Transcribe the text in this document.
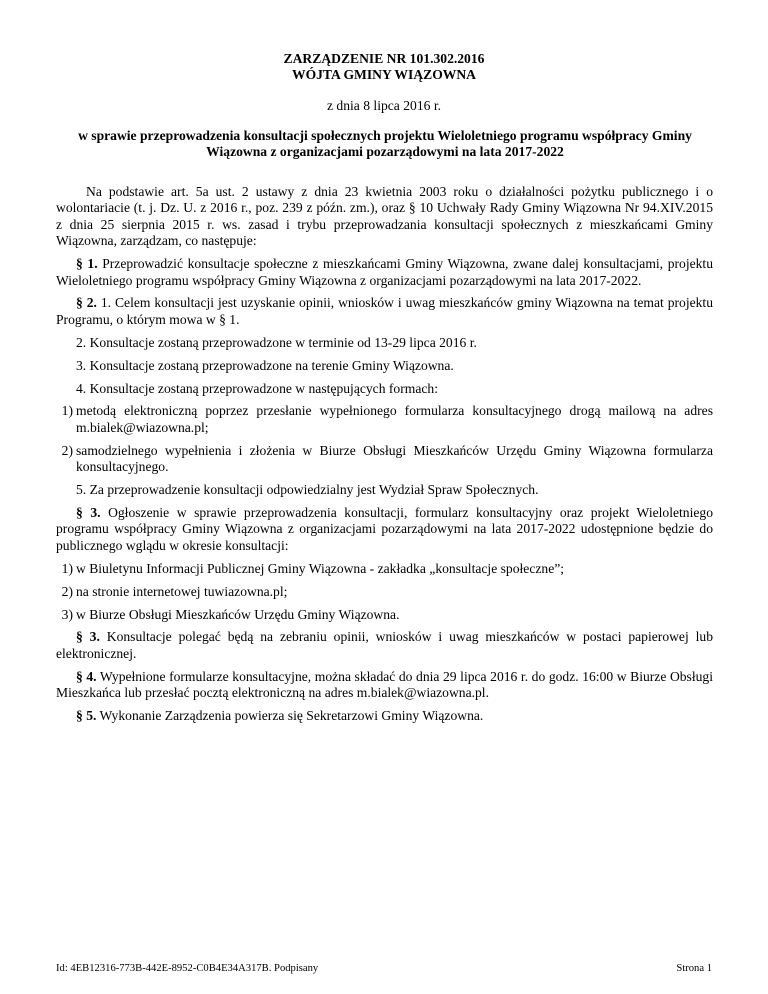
ZARZĄDZENIE NR 101.302.2016
WÓJTA GMINY WIĄZOWNA
z dnia 8 lipca 2016 r.
w sprawie przeprowadzenia konsultacji społecznych projektu Wieloletniego programu współpracy Gminy Wiązowna z organizacjami pozarządowymi na lata 2017-2022

Na podstawie art. 5a ust. 2 ustawy z dnia 23 kwietnia 2003 roku o działalności pożytku publicznego i o wolontariacie (t. j. Dz. U. z 2016 r., poz. 239 z późn. zm.), oraz § 10 Uchwały Rady Gminy Wiązowna Nr 94.XIV.2015 z dnia 25 sierpnia 2015 r. ws. zasad i trybu przeprowadzania konsultacji społecznych z mieszkańcami Gminy Wiązowna, zarządzam, co następuje:

§ 1. Przeprowadzić konsultacje społeczne z mieszkańcami Gminy Wiązowna, zwane dalej konsultacjami, projektu Wieloletniego programu współpracy Gminy Wiązowna z organizacjami pozarządowymi na lata 2017-2022.

§ 2. 1. Celem konsultacji jest uzyskanie opinii, wniosków i uwag mieszkańców gminy Wiązowna na temat projektu Programu, o którym mowa w § 1.

2. Konsultacje zostaną przeprowadzone w terminie od 13-29 lipca 2016 r.

3. Konsultacje zostaną przeprowadzone na terenie Gminy Wiązowna.

4. Konsultacje zostaną przeprowadzone w następujących formach:

1) metodą elektroniczną poprzez przesłanie wypełnionego formularza konsultacyjnego drogą mailową na adres m.bialek@wiazowna.pl;
2) samodzielnego wypełnienia i złożenia w Biurze Obsługi Mieszkańców Urzędu Gminy Wiązowna formularza konsultacyjnego.

5. Za przeprowadzenie konsultacji odpowiedzialny jest Wydział Spraw Społecznych.

§ 3. Ogłoszenie w sprawie przeprowadzenia konsultacji, formularz konsultacyjny oraz projekt Wieloletniego programu współpracy Gminy Wiązowna z organizacjami pozarządowymi na lata 2017-2022 udostępnione będzie do publicznego wglądu w okresie konsultacji:

1) w Biuletynu Informacji Publicznej Gminy Wiązowna - zakładka „konsultacje społeczne”;
2) na stronie internetowej tuwiazowna.pl;
3) w Biurze Obsługi Mieszkańców Urzędu Gminy Wiązowna.

§ 3. Konsultacje polegać będą na zebraniu opinii, wniosków i uwag mieszkańców w postaci papierowej lub elektronicznej.

§ 4. Wypełnione formularze konsultacyjne, można składać do dnia 29 lipca 2016 r. do godz. 16:00 w Biurze Obsługi Mieszkańca lub przesłać pocztą elektroniczną na adres m.bialek@wiazowna.pl.

§ 5. Wykonanie Zarządzenia powierza się Sekretarzowi Gminy Wiązowna.

Id: 4EB12316-773B-442E-8952-C0B4E34A317B. Podpisany	Strona 1
